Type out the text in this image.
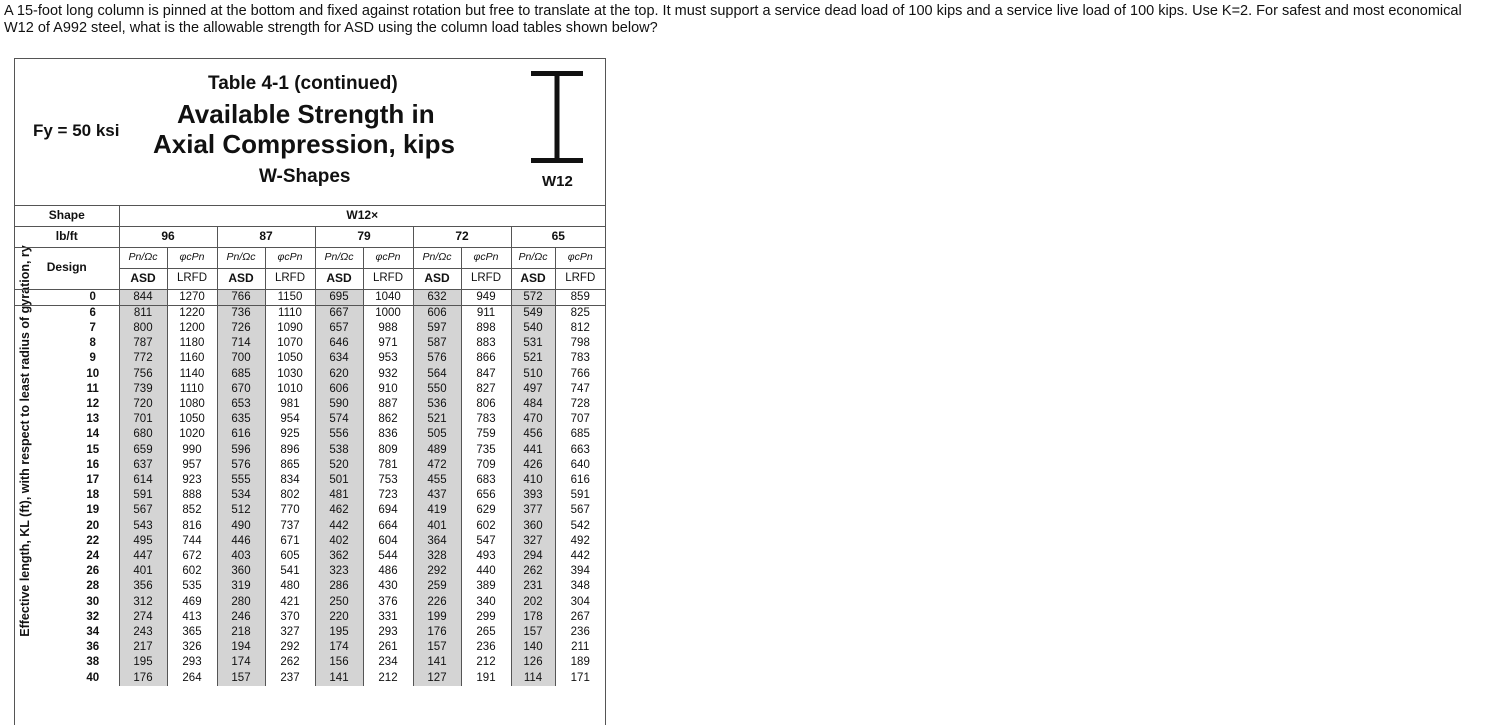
A 15-foot long column is pinned at the bottom and fixed against rotation but free to translate at the top. It must support a service dead load of 100 kips and a service live load of 100 kips. Use K=2. For safest and most economical W12 of A992 steel, what is the allowable strength for ASD using the column load tables shown below?
Fy = 50 ksi
Table 4-1 (continued)
Available Strength in
Axial Compression, kips
W-Shapes	W12
Effective length, KL (ft), with respect to least radius of gyration, ry
Shape		W12×									
lb/ft		96		87		79		72		65	
Design		Pn/Ωc	φcPn	Pn/Ωc	φcPn	Pn/Ωc	φcPn	Pn/Ωc	φcPn	Pn/Ωc	φcPn
		ASD	LRFD	ASD	LRFD	ASD	LRFD	ASD	LRFD	ASD	LRFD
	0	844	1270	766	1150	695	1040	632	949	572	859
	6	811	1220	736	1110	667	1000	606	911	549	825
	7	800	1200	726	1090	657	988	597	898	540	812
	8	787	1180	714	1070	646	971	587	883	531	798
	9	772	1160	700	1050	634	953	576	866	521	783
	10	756	1140	685	1030	620	932	564	847	510	766
	11	739	1110	670	1010	606	910	550	827	497	747
	12	720	1080	653	981	590	887	536	806	484	728
	13	701	1050	635	954	574	862	521	783	470	707
	14	680	1020	616	925	556	836	505	759	456	685
	15	659	990	596	896	538	809	489	735	441	663
	16	637	957	576	865	520	781	472	709	426	640
	17	614	923	555	834	501	753	455	683	410	616
	18	591	888	534	802	481	723	437	656	393	591
	19	567	852	512	770	462	694	419	629	377	567
	20	543	816	490	737	442	664	401	602	360	542
	22	495	744	446	671	402	604	364	547	327	492
	24	447	672	403	605	362	544	328	493	294	442
	26	401	602	360	541	323	486	292	440	262	394
	28	356	535	319	480	286	430	259	389	231	348
	30	312	469	280	421	250	376	226	340	202	304
	32	274	413	246	370	220	331	199	299	178	267
	34	243	365	218	327	195	293	176	265	157	236
	36	217	326	194	292	174	261	157	236	140	211
	38	195	293	174	262	156	234	141	212	126	189
	40	176	264	157	237	141	212	127	191	114	171
